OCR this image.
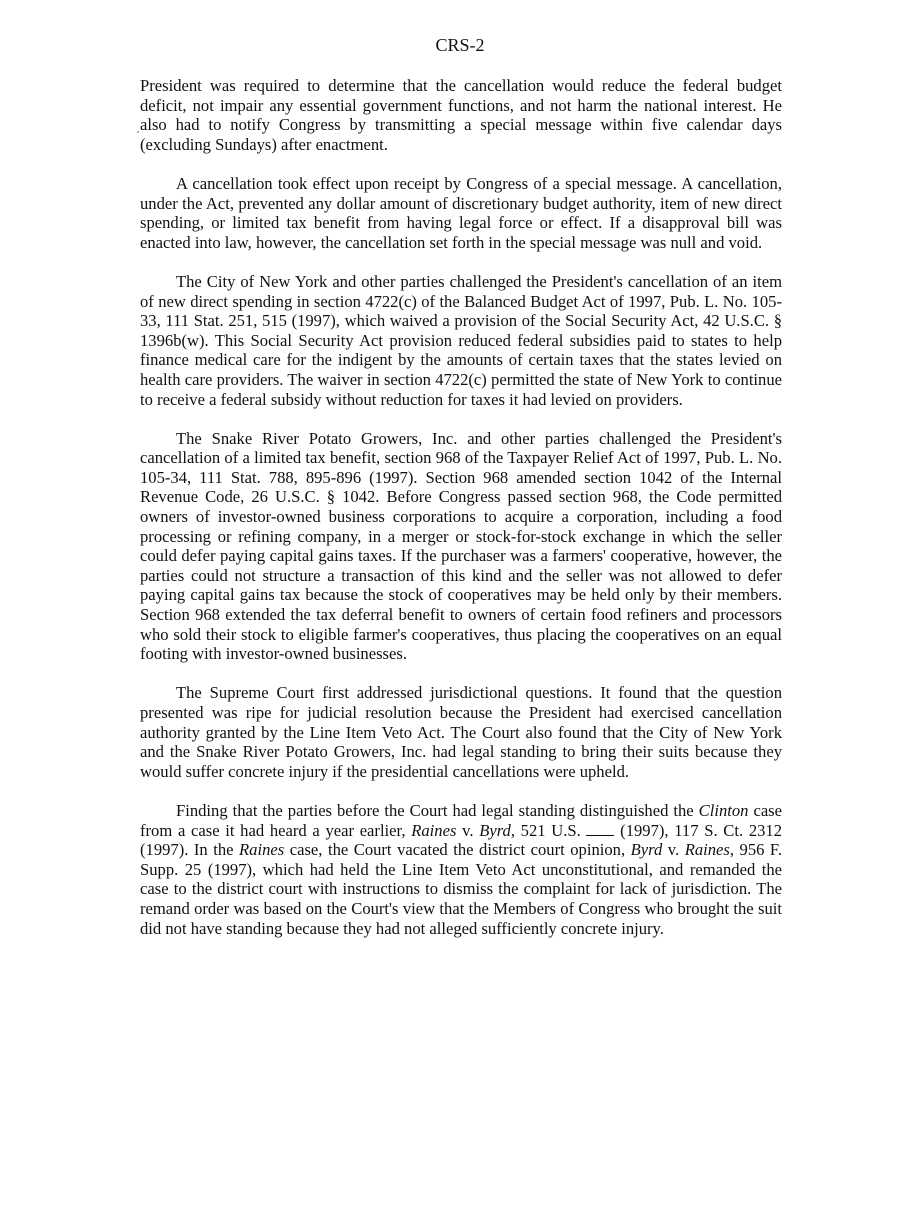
CRS-2

President was required to determine that the cancellation would reduce the federal budget deficit, not impair any essential government functions, and not harm the national interest. He also had to notify Congress by transmitting a special message within five calendar days (excluding Sundays) after enactment.

A cancellation took effect upon receipt by Congress of a special message. A cancellation, under the Act, prevented any dollar amount of discretionary budget authority, item of new direct spending, or limited tax benefit from having legal force or effect. If a disapproval bill was enacted into law, however, the cancellation set forth in the special message was null and void.

The City of New York and other parties challenged the President's cancellation of an item of new direct spending in section 4722(c) of the Balanced Budget Act of 1997, Pub. L. No. 105-33, 111 Stat. 251, 515 (1997), which waived a provision of the Social Security Act, 42 U.S.C. § 1396b(w). This Social Security Act provision reduced federal subsidies paid to states to help finance medical care for the indigent by the amounts of certain taxes that the states levied on health care providers. The waiver in section 4722(c) permitted the state of New York to continue to receive a federal subsidy without reduction for taxes it had levied on providers.

The Snake River Potato Growers, Inc. and other parties challenged the President's cancellation of a limited tax benefit, section 968 of the Taxpayer Relief Act of 1997, Pub. L. No. 105-34, 111 Stat. 788, 895-896 (1997). Section 968 amended section 1042 of the Internal Revenue Code, 26 U.S.C. § 1042. Before Congress passed section 968, the Code permitted owners of investor-owned business corporations to acquire a corporation, including a food processing or refining company, in a merger or stock-for-stock exchange in which the seller could defer paying capital gains taxes. If the purchaser was a farmers' cooperative, however, the parties could not structure a transaction of this kind and the seller was not allowed to defer paying capital gains tax because the stock of cooperatives may be held only by their members. Section 968 extended the tax deferral benefit to owners of certain food refiners and processors who sold their stock to eligible farmer's cooperatives, thus placing the cooperatives on an equal footing with investor-owned businesses.

The Supreme Court first addressed jurisdictional questions. It found that the question presented was ripe for judicial resolution because the President had exercised cancellation authority granted by the Line Item Veto Act. The Court also found that the City of New York and the Snake River Potato Growers, Inc. had legal standing to bring their suits because they would suffer concrete injury if the presidential cancellations were upheld.

Finding that the parties before the Court had legal standing distinguished the Clinton case from a case it had heard a year earlier, Raines v. Byrd, 521 U.S.  (1997), 117 S. Ct. 2312 (1997). In the Raines case, the Court vacated the district court opinion, Byrd v. Raines, 956 F. Supp. 25 (1997), which had held the Line Item Veto Act unconstitutional, and remanded the case to the district court with instructions to dismiss the complaint for lack of jurisdiction. The remand order was based on the Court's view that the Members of Congress who brought the suit did not have standing because they had not alleged sufficiently concrete injury.
